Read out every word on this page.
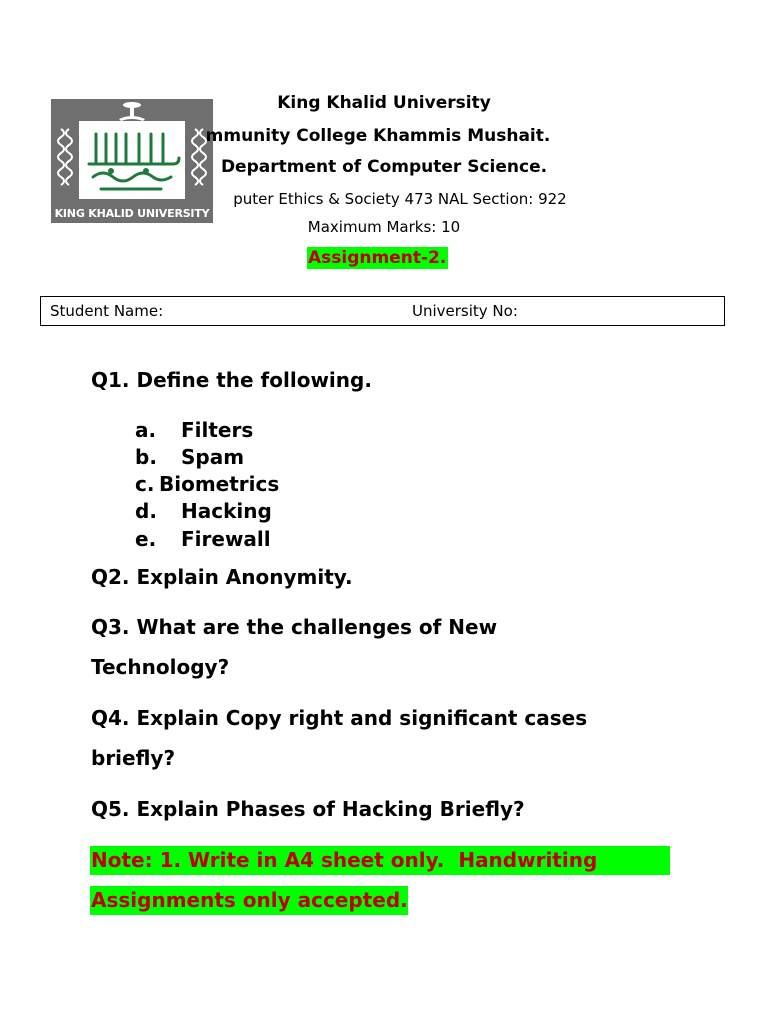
KING KHALID UNIVERSITY
King Khalid University
mmunity College Khammis Mushait.
Department of Computer Science.
puter Ethics & Society 473 NAL Section: 922
Maximum Marks: 10
Assignment-2.
Student Name:	University No:
Q1. Define the following.
a. Filters
b. Spam
c. Biometrics
d. Hacking
e. Firewall
Q2. Explain Anonymity.
Q3. What are the challenges of New
Technology?
Q4. Explain Copy right and significant cases
briefly?
Q5. Explain Phases of Hacking Briefly?
Note: 1. Write in A4 sheet only.  Handwriting
Assignments only accepted.
